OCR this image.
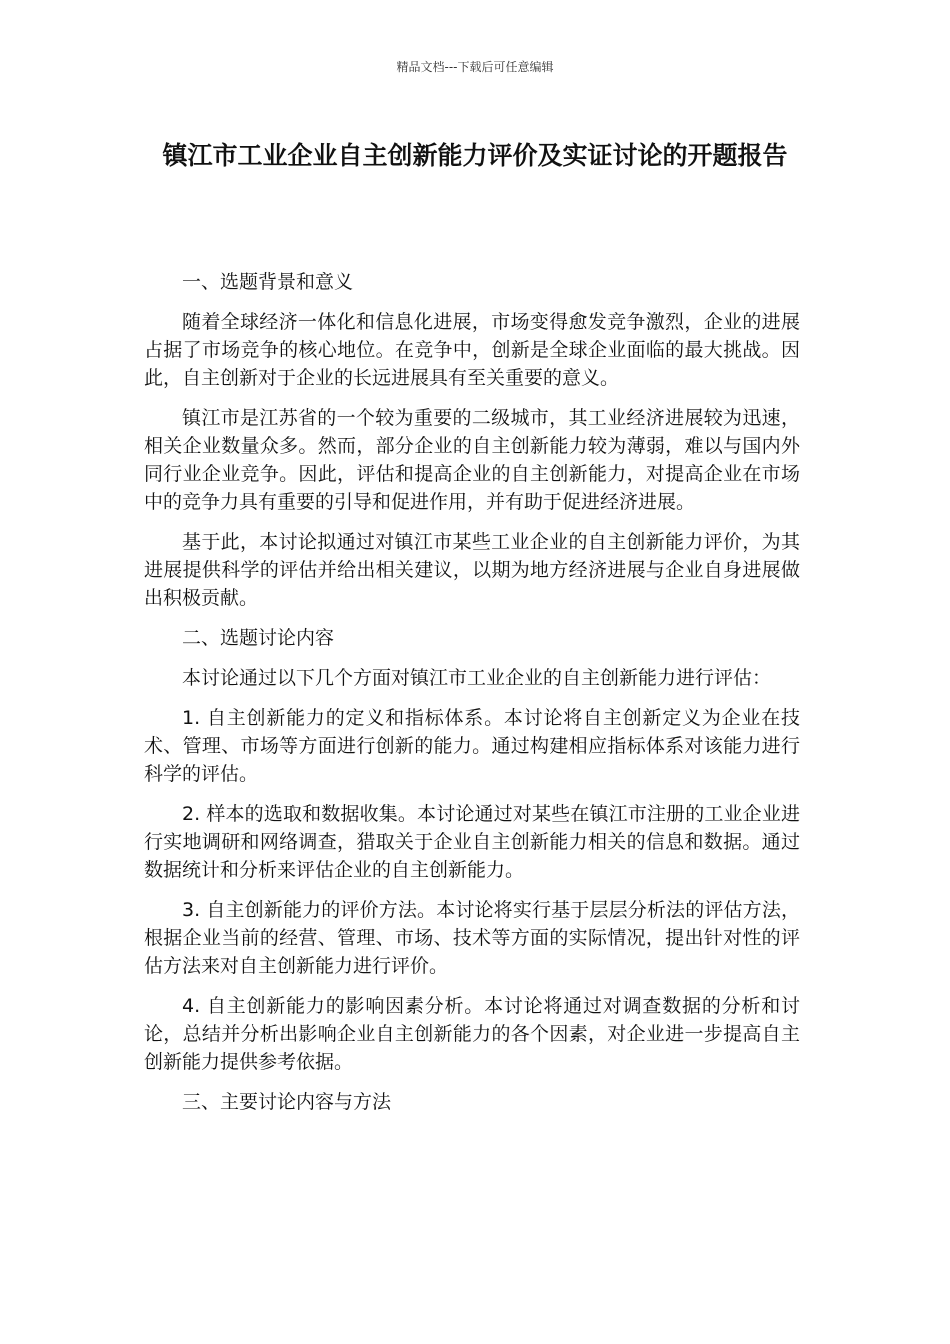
精品文档---下载后可任意编辑
镇江市工业企业自主创新能力评价及实证讨论的开题报告

一、选题背景和意义

随着全球经济一体化和信息化进展，市场变得愈发竞争激烈，企业的进展占据了市场竞争的核心地位。在竞争中，创新是全球企业面临的最大挑战。因此，自主创新对于企业的长远进展具有至关重要的意义。

镇江市是江苏省的一个较为重要的二级城市，其工业经济进展较为迅速，相关企业数量众多。然而，部分企业的自主创新能力较为薄弱，难以与国内外同行业企业竞争。因此，评估和提高企业的自主创新能力，对提高企业在市场中的竞争力具有重要的引导和促进作用，并有助于促进经济进展。

基于此，本讨论拟通过对镇江市某些工业企业的自主创新能力评价，为其进展提供科学的评估并给出相关建议，以期为地方经济进展与企业自身进展做出积极贡献。

二、选题讨论内容

本讨论通过以下几个方面对镇江市工业企业的自主创新能力进行评估：

1. 自主创新能力的定义和指标体系。本讨论将自主创新定义为企业在技术、管理、市场等方面进行创新的能力。通过构建相应指标体系对该能力进行科学的评估。

2. 样本的选取和数据收集。本讨论通过对某些在镇江市注册的工业企业进行实地调研和网络调查，猎取关于企业自主创新能力相关的信息和数据。通过数据统计和分析来评估企业的自主创新能力。

3. 自主创新能力的评价方法。本讨论将实行基于层层分析法的评估方法，根据企业当前的经营、管理、市场、技术等方面的实际情况，提出针对性的评估方法来对自主创新能力进行评价。

4. 自主创新能力的影响因素分析。本讨论将通过对调查数据的分析和讨论，总结并分析出影响企业自主创新能力的各个因素，对企业进一步提高自主创新能力提供参考依据。

三、主要讨论内容与方法
